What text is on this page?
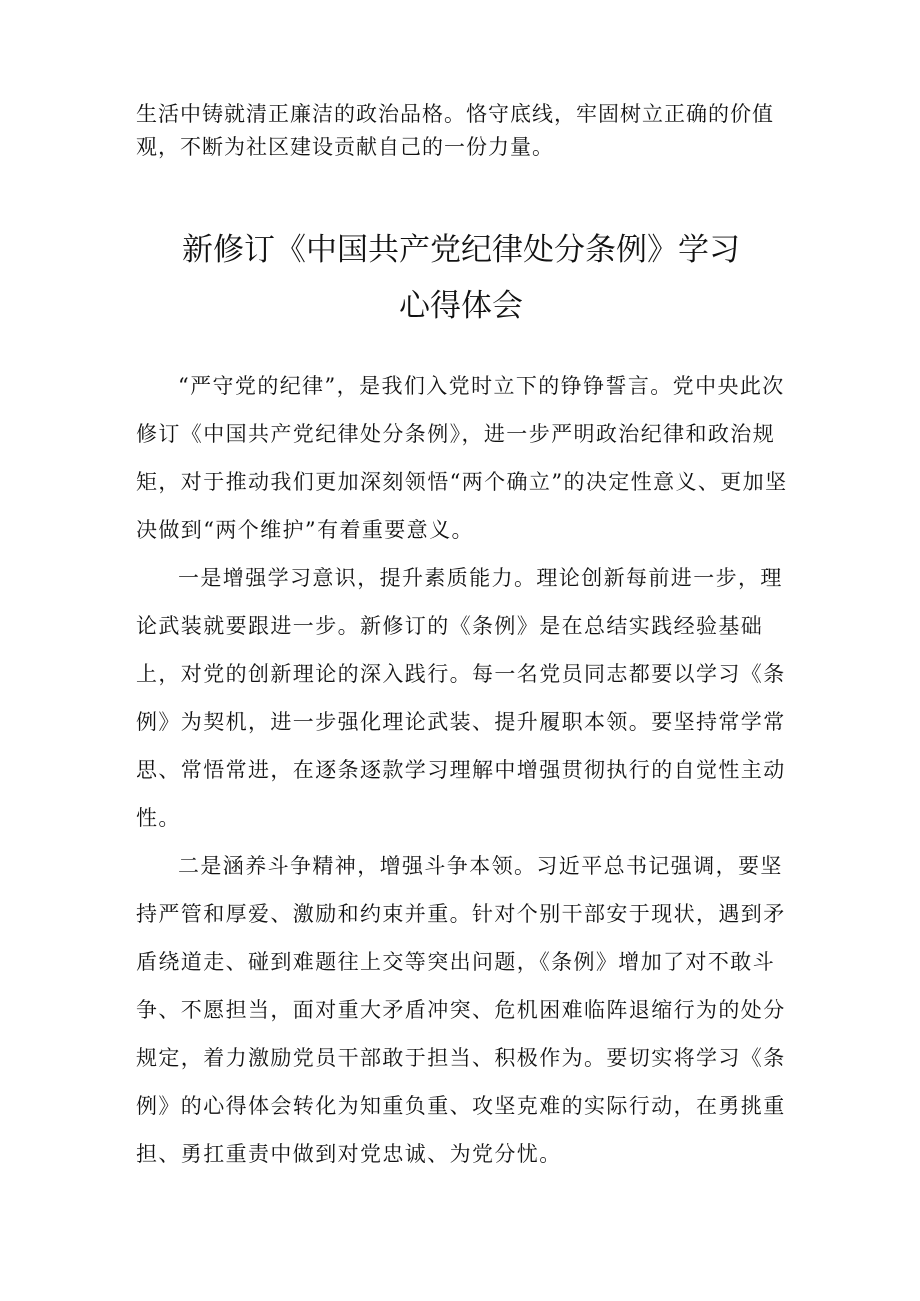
生活中铸就清正廉洁的政治品格。恪守底线，牢固树立正确的价值观，不断为社区建设贡献自己的一份力量。

新修订《中国共产党纪律处分条例》学习
心得体会

“严守党的纪律”，是我们入党时立下的铮铮誓言。党中央此次修订《中国共产党纪律处分条例》，进一步严明政治纪律和政治规矩，对于推动我们更加深刻领悟“两个确立”的决定性意义、更加坚决做到“两个维护”有着重要意义。

一是增强学习意识，提升素质能力。理论创新每前进一步，理论武装就要跟进一步。新修订的《条例》是在总结实践经验基础上，对党的创新理论的深入践行。每一名党员同志都要以学习《条例》为契机，进一步强化理论武装、提升履职本领。要坚持常学常思、常悟常进，在逐条逐款学习理解中增强贯彻执行的自觉性主动性。

二是涵养斗争精神，增强斗争本领。习近平总书记强调，要坚持严管和厚爱、激励和约束并重。针对个别干部安于现状，遇到矛盾绕道走、碰到难题往上交等突出问题，《条例》增加了对不敢斗争、不愿担当，面对重大矛盾冲突、危机困难临阵退缩行为的处分规定，着力激励党员干部敢于担当、积极作为。要切实将学习《条例》的心得体会转化为知重负重、攻坚克难的实际行动，在勇挑重担、勇扛重责中做到对党忠诚、为党分忧。
